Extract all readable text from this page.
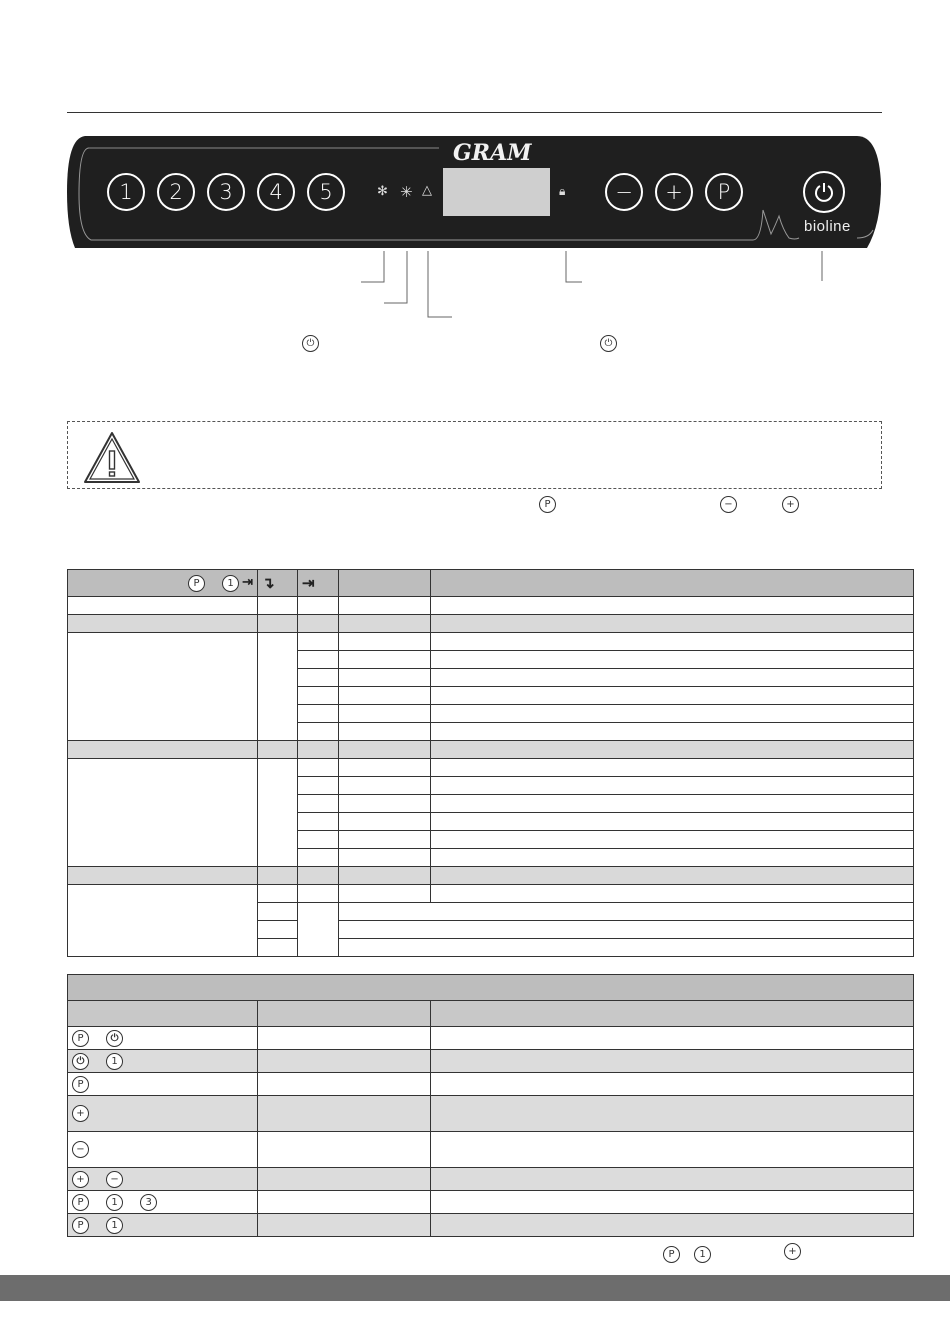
GRAM
1	2	3	4	5	✻ ✳ △	🔒︎	−	+	P
bioline
⏻	⏻
P	−	+
P 1 ⇥	↴	⇥		

P ⏻		
⏻ 1		
P		
+		
−		
+ −		
P 1 3		
P 1		
P	1	+
